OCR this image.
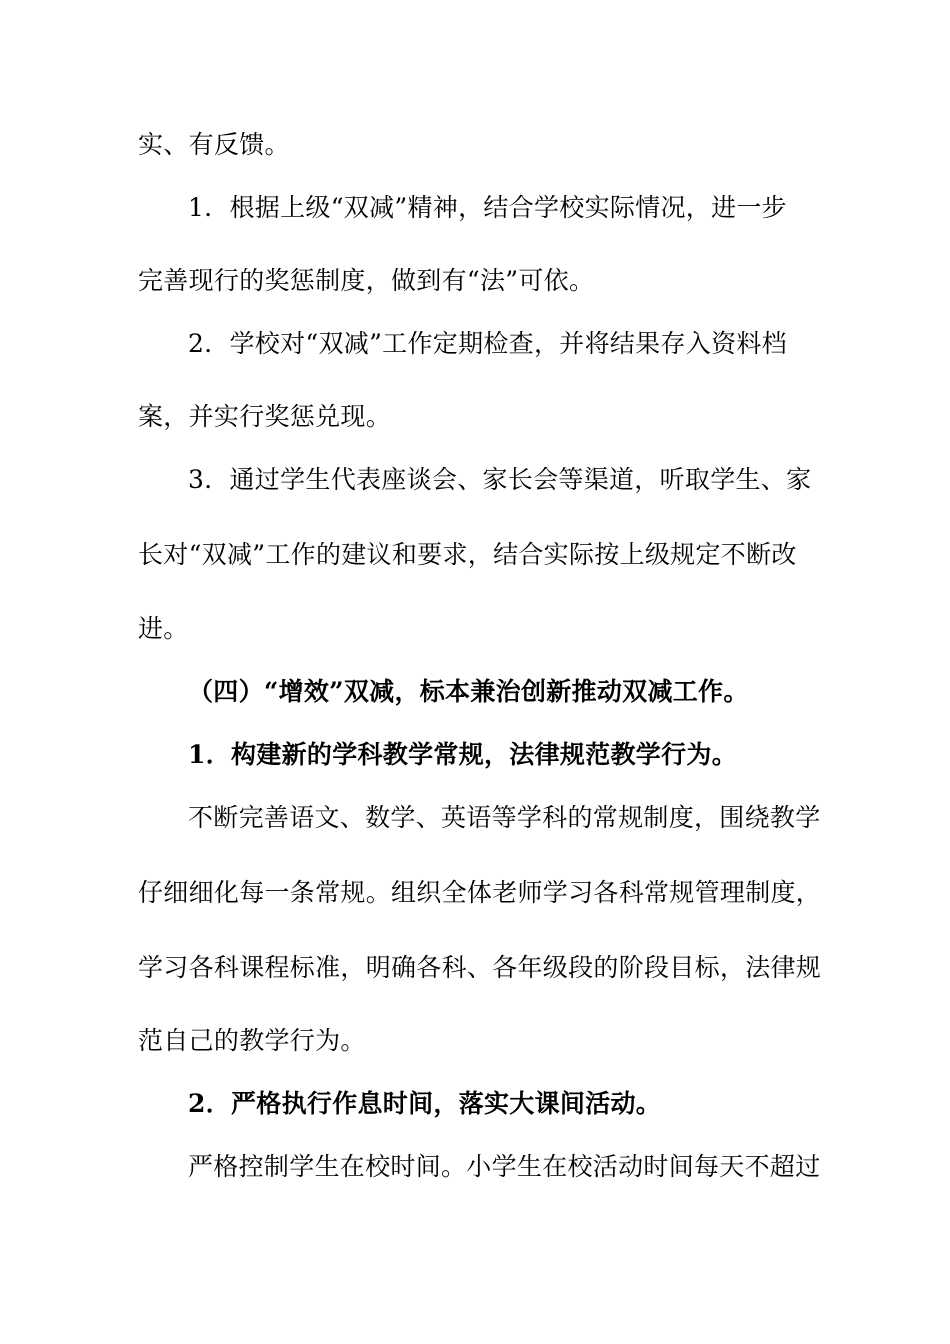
实、有反馈。
1．根据上级“双减”精神，结合学校实际情况，进一步
完善现行的奖惩制度，做到有“法”可依。
2．学校对“双减”工作定期检查，并将结果存入资料档
案，并实行奖惩兑现。
3．通过学生代表座谈会、家长会等渠道，听取学生、家
长对“双减”工作的建议和要求，结合实际按上级规定不断改
进。
（四）“增效”双减，标本兼治创新推动双减工作。
1．构建新的学科教学常规，法律规范教学行为。
不断完善语文、数学、英语等学科的常规制度，围绕教学
仔细细化每一条常规。组织全体老师学习各科常规管理制度，
学习各科课程标准，明确各科、各年级段的阶段目标，法律规
范自己的教学行为。
2．严格执行作息时间，落实大课间活动。
严格控制学生在校时间。小学生在校活动时间每天不超过
